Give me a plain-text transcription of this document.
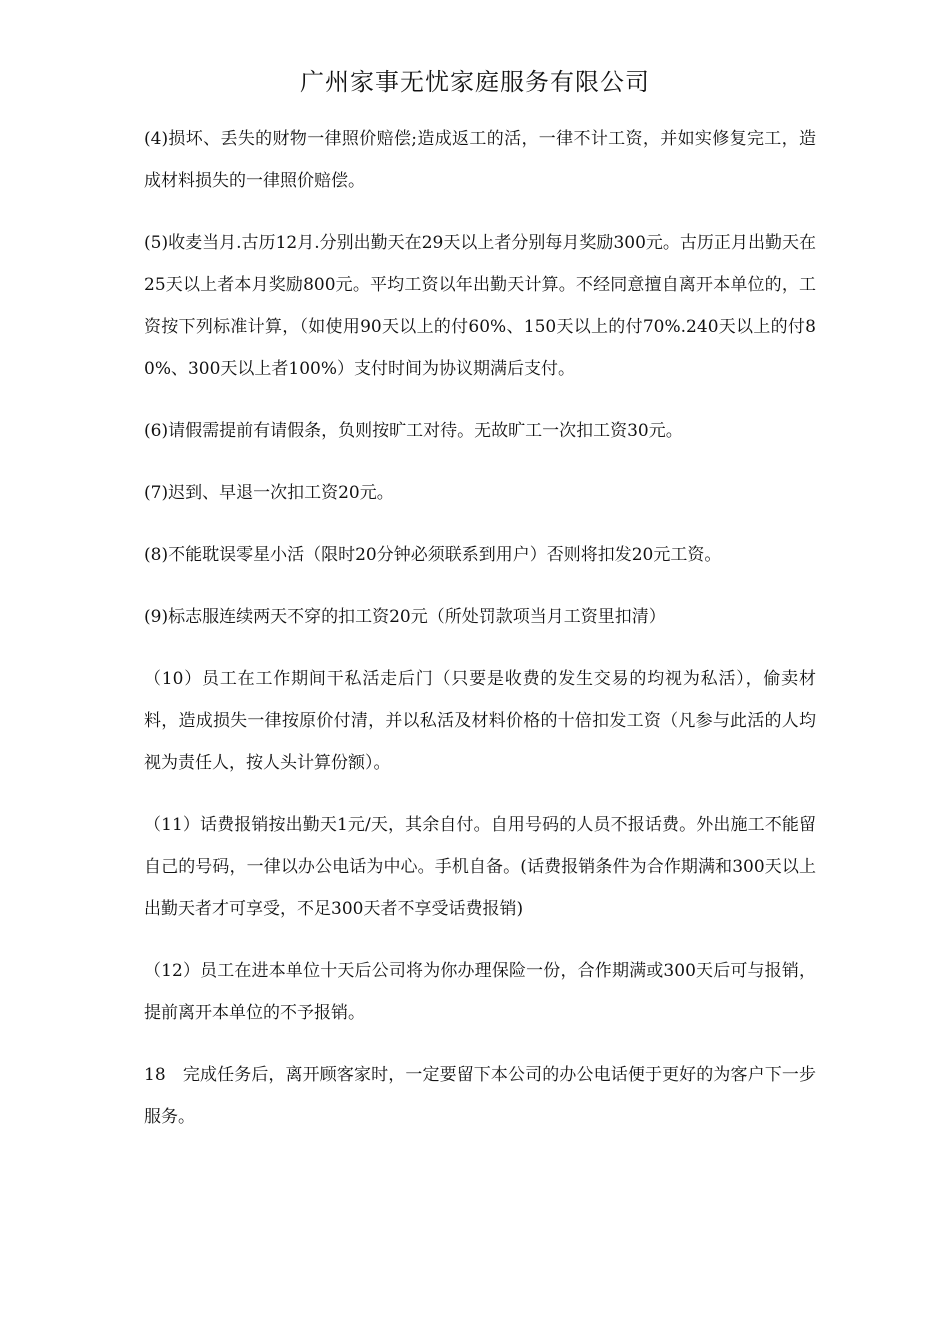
广州家事无忧家庭服务有限公司

(4)损坏、丢失的财物一律照价赔偿;造成返工的活，一律不计工资，并如实修复完工，造成材料损失的一律照价赔偿。

(5)收麦当月.古历12月.分别出勤天在29天以上者分别每月奖励300元。古历正月出勤天在25天以上者本月奖励800元。平均工资以年出勤天计算。不经同意擅自离开本单位的，工资按下列标准计算，（如使用90天以上的付60%、150天以上的付70%.240天以上的付80%、300天以上者100%）支付时间为协议期满后支付。

(6)请假需提前有请假条，负则按旷工对待。无故旷工一次扣工资30元。

(7)迟到、早退一次扣工资20元。

(8)不能耽误零星小活（限时20分钟必须联系到用户）否则将扣发20元工资。

(9)标志服连续两天不穿的扣工资20元（所处罚款项当月工资里扣清）

（10）员工在工作期间干私活走后门（只要是收费的发生交易的均视为私活），偷卖材料，造成损失一律按原价付清，并以私活及材料价格的十倍扣发工资（凡参与此活的人均视为责任人，按人头计算份额）。

（11）话费报销按出勤天1元/天，其余自付。自用号码的人员不报话费。外出施工不能留自己的号码，一律以办公电话为中心。手机自备。(话费报销条件为合作期满和300天以上出勤天者才可享受，不足300天者不享受话费报销)

（12）员工在进本单位十天后公司将为你办理保险一份，合作期满或300天后可与报销，提前离开本单位的不予报销。

18　完成任务后，离开顾客家时，一定要留下本公司的办公电话便于更好的为客户下一步服务。
